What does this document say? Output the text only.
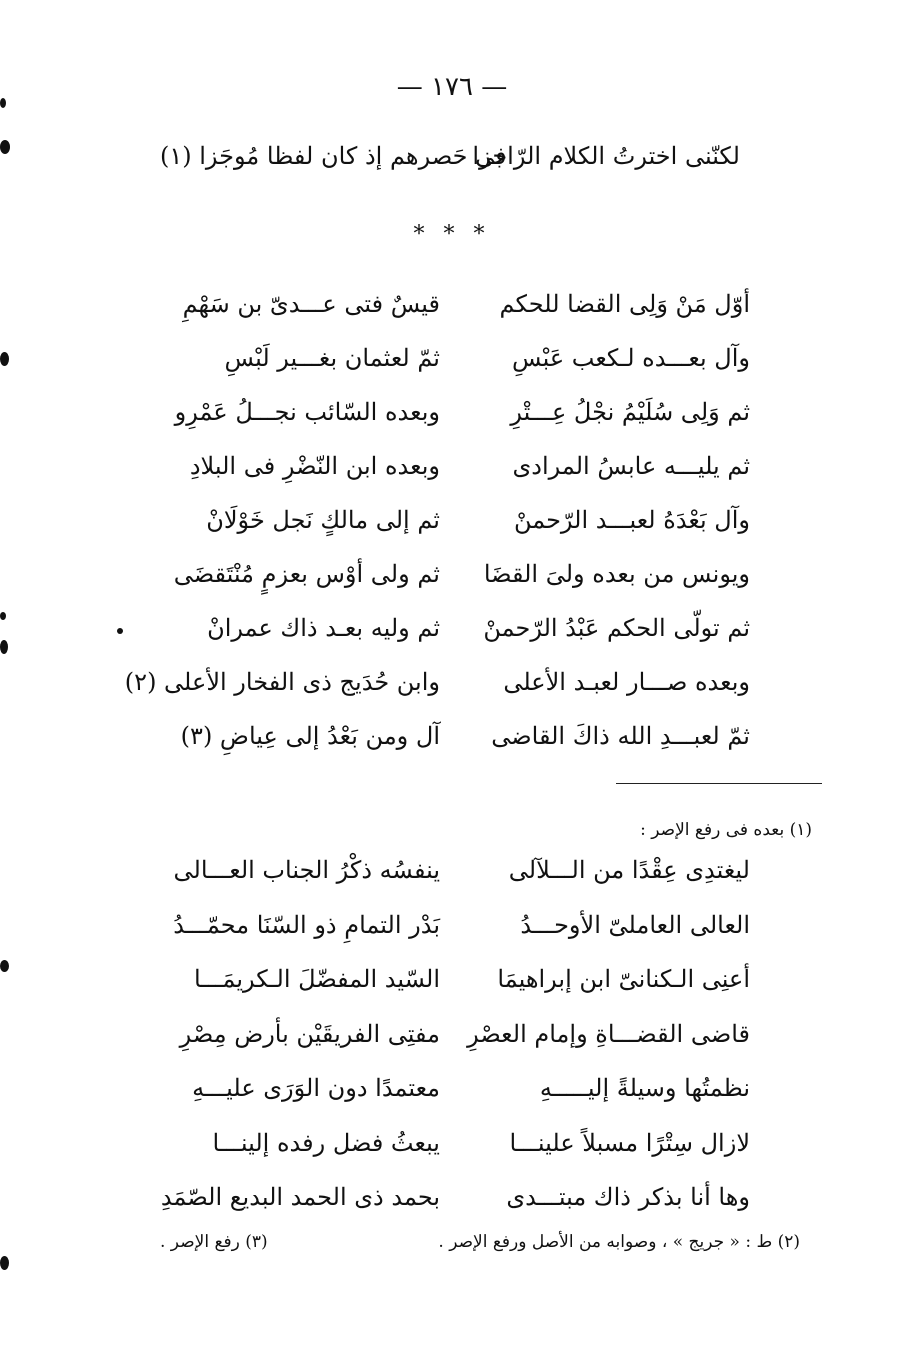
— ١٧٦ —
لكنّنى اخترتُ الكلام الرّاجزا
فى حَصرهم إذ كان لفظا مُوجَزا (١)
* * *
أوّل مَنْ وَلِى القضا للحكم
قيسٌ فتى عـــدىّ بن سَهْمِ
وآل بعـــده لـكعب عَبْسِ
ثمّ لعثمان بغـــير لَبْسِ
ثم وَلِى سُلَيْمُ نجْلُ عِـــتْرِ
وبعده السّائب نجـــلُ عَمْرِو
ثم يليـــه عابسُ المرادى
وبعده ابن النّضْرِ فى البلادِ
وآل بَعْدَهُ لعبـــد الرّحمنْ
ثم إلى مالكٍ نَجل خَوْلَانْ
ويونس من بعده ولىَ القضَا
ثم ولى أوْس بعزمٍ مُنْتَقضَى
ثم تولّى الحكم عَبْدُ الرّحمنْ
ثم وليه بعـد ذاك عمرانْ
وبعده صـــار لعبـد الأعلى
وابن حُدَيج ذى الفخار الأعلى (٢)
ثمّ لعبـــدِ الله ذاكَ القاضى
آل ومن بَعْدُ إلى عِياضِ (٣)
(١) بعده فى رفع الإصر :
ليغتدِى عِقْدًا من الـــلآلى
ينفسُه ذكْرُ الجناب العـــالى
العالى العاملىّ الأوحـــدُ
بَدْر التمامِ ذو السّنَا محمّـــدُ
أعنِى الـكنانىّ ابن إبراهيمَا
السّيد المفضّلَ الـكريمَـــا
قاضى القضـــاةِ وإمام العصْرِ
مفتِى الفريقَيْن بأرض مِصْرِ
نظمتُها وسيلةً إليـــــهِ
معتمدًا دون الوَرَى عليـــهِ
لازال سِتْرًا مسبلاً علينـــا
يبعثُ فضل رفده إلينـــا
وها أنا بذكر ذاك مبتـــدى
بحمد ذى الحمد البديع الصّمَدِ
(٢) ط : « جريج » ، وصوابه من الأصل ورفع الإصر .
(٣) رفع الإصر .
